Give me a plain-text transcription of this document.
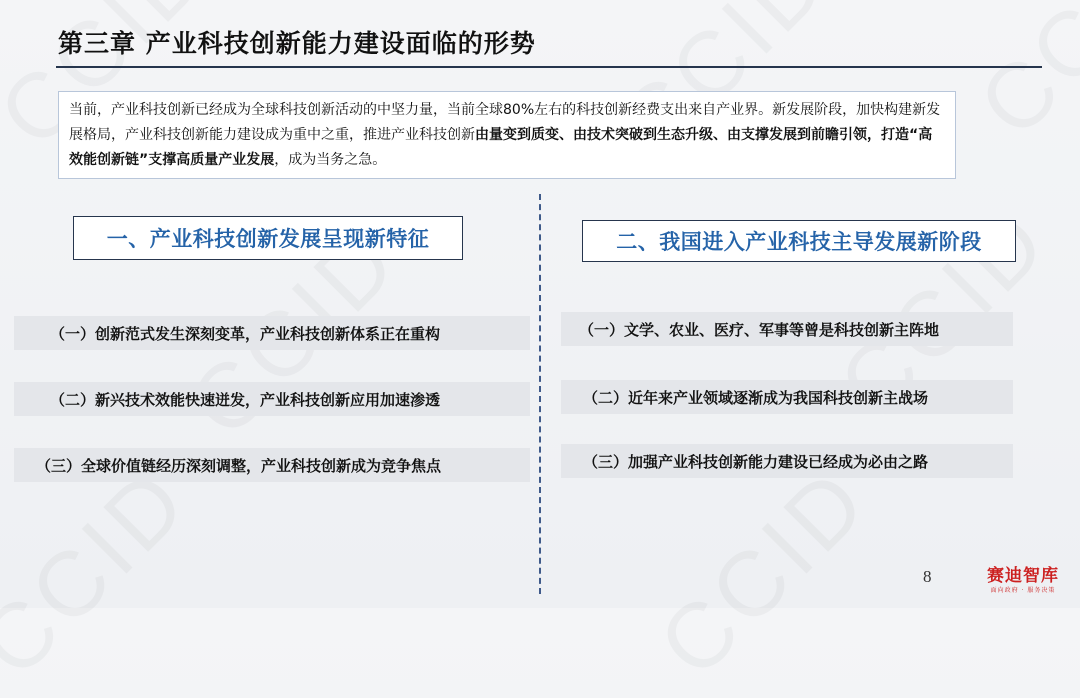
第三章 产业科技创新能力建设面临的形势
当前，产业科技创新已经成为全球科技创新活动的中坚力量，当前全球80%左右的科技创新经费支出来自产业界。新发展阶段，加快构建新发展格局，产业科技创新能力建设成为重中之重，推进产业科技创新由量变到质变、由技术突破到生态升级、由支撑发展到前瞻引领，打造“高效能创新链”支撑高质量产业发展，成为当务之急。
一、产业科技创新发展呈现新特征	二、我国进入产业科技主导发展新阶段
（一）创新范式发生深刻变革，产业科技创新体系正在重构
（二）新兴技术效能快速迸发，产业科技创新应用加速渗透
（三）全球价值链经历深刻调整，产业科技创新成为竞争焦点
（一）文学、农业、医疗、军事等曾是科技创新主阵地
（二）近年来产业领域逐渐成为我国科技创新主战场
（三）加强产业科技创新能力建设已经成为必由之路
8	赛迪智库
面向政府 · 服务决策
